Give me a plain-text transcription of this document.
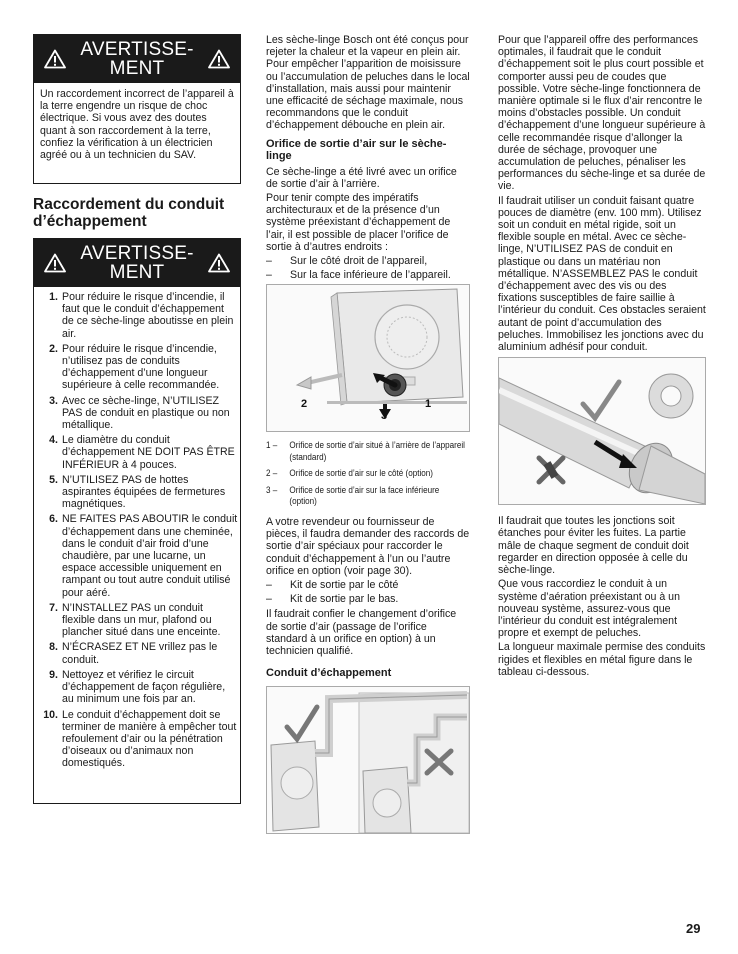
AVERTISSE-
MENT

Un raccordement incorrect de l’appareil à la terre engendre un risque de choc électrique. Si vous avez des doutes quant à son raccordement à la terre, confiez la vérification à un électricien agréé ou à un technicien du SAV.

Raccordement du conduit d’échappement
AVERTISSE-
MENT
1. Pour réduire le risque d’incendie, il faut que le conduit d’échappement de ce sèche-linge aboutisse en plein air.
2. Pour réduire le risque d’incendie, n’utilisez pas de conduits d’échappement d’une longueur supérieure à celle recommandée.
3. Avec ce sèche-linge, N’UTILISEZ PAS de conduit en plastique ou non métallique.
4. Le diamètre du conduit d’échappement NE DOIT PAS ÊTRE INFÉRIEUR à 4 pouces.
5. N’UTILISEZ PAS de hottes aspirantes équipées de fermetures magnétiques.
6. NE FAITES PAS ABOUTIR le conduit d’échappement dans une cheminée, dans le conduit d’air froid d’une chaudière, par une lucarne, un espace accessible uniquement en rampant ou tout autre conduit utilisé pour aéré.
7. N’INSTALLEZ PAS un conduit flexible dans un mur, plafond ou plancher situé dans une enceinte.
8. N’ÉCRASEZ ET NE vrillez pas le conduit.
9. Nettoyez et vérifiez le circuit d’échappement de façon régulière, au minimum une fois par an.
10. Le conduit d’échappement doit se terminer de manière à empêcher tout refoulement d’air ou la pénétration d’oiseaux ou d’animaux non domestiqués.

Les sèche-linge Bosch ont été conçus pour rejeter la chaleur et la vapeur en plein air. Pour empêcher l’apparition de moisissure ou l’accumulation de peluches dans le local d’installation, mais aussi pour maintenir une efficacité de séchage maximale, nous recommandons que le conduit d’échappement débouche en plein air.

Orifice de sortie d’air sur le sèche-linge

Ce sèche-linge a été livré avec un orifice de sortie d’air à l’arrière.

Pour tenir compte des impératifs architecturaux et de la présence d’un système préexistant d’échappement de l’air, il est possible de placer l’orifice de sortie à d’autres endroits :

–	Sur le côté droit de l’appareil,
–	Sur la face inférieure de l’appareil.
2
3
1
1 –	Orifice de sortie d’air situé à l’arrière de l’appareil (standard)
2 –	Orifice de sortie d’air sur le côté (option)
3 –	Orifice de sortie d’air sur la face inférieure (option)

A votre revendeur ou fournisseur de pièces, il faudra demander des raccords de sortie d’air spéciaux pour raccorder le conduit d’échappement à l’un ou l’autre orifice en option (voir page 30).

–	Kit de sortie par le côté
–	Kit de sortie par le bas.

Il faudrait confier le changement d’orifice de sortie d’air (passage de l’orifice standard à un orifice en option) à un technicien qualifié.

Conduit d’échappement

Pour que l’appareil offre des performances optimales, il faudrait que le conduit d’échappement soit le plus court possible et comporter aussi peu de coudes que possible. Votre sèche-linge fonctionnera de manière optimale si le flux d’air rencontre le moins d’obstacles possible. Un conduit d’échappement d’une longueur supérieure à celle recommandée risque d’allonger la durée de séchage, provoquer une accumulation de peluches, pénaliser les performances du sèche-linge et sa durée de vie.

Il faudrait utiliser un conduit faisant quatre pouces de diamètre (env. 100 mm). Utilisez soit un conduit en métal rigide, soit un flexible souple en métal. Avec ce sèche-linge, N’UTILISEZ PAS de conduit en plastique ou dans un matériau non métallique. N’ASSEMBLEZ PAS le conduit d’échappement avec des vis ou des fixations susceptibles de faire saillie à l’intérieur du conduit. Ces obstacles seraient autant de point d’accumulation des peluches. Immobilisez les jonctions avec du aluminium adhésif pour conduit.

Il faudrait que toutes les jonctions soit étanches pour éviter les fuites. La partie mâle de chaque segment de conduit doit regarder en direction opposée à celle du sèche-linge.

Que vous raccordiez le conduit à un système d’aération préexistant ou à un nouveau système, assurez-vous que l’intérieur du conduit est intégralement propre et exempt de peluches.

La longueur maximale permise des conduits rigides et flexibles en métal figure dans le tableau ci-dessous.

29
